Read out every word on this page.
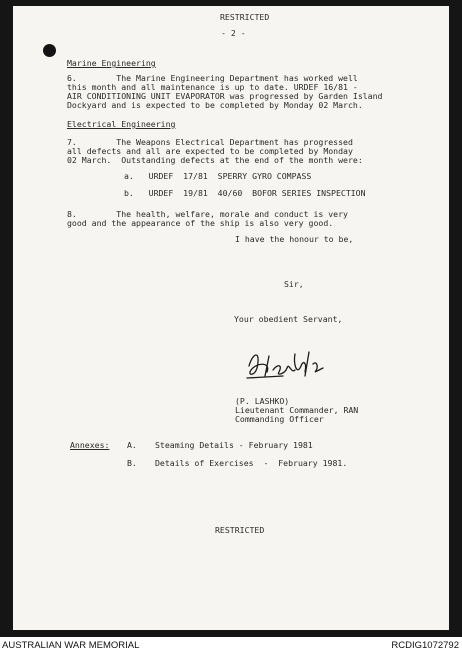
RESTRICTED
- 2 -
Marine Engineering
6.        The Marine Engineering Department has worked well
this month and all maintenance is up to date. URDEF 16/81 -
AIR CONDITIONING UNIT EVAPORATOR was progressed by Garden Island
Dockyard and is expected to be completed by Monday 02 March.
Electrical Engineering
7.        The Weapons Electrical Department has progressed
all defects and all are expected to be completed by Monday
02 March.  Outstanding defects at the end of the month were:
a.   URDEF  17/81  SPERRY GYRO COMPASS
b.   URDEF  19/81  40/60  BOFOR SERIES INSPECTION
8.        The health, welfare, morale and conduct is very
good and the appearance of the ship is also very good.
I have the honour to be,
Sir,
Your obedient Servant,
(P. LASHKO)
Lieutenant Commander, RAN
Commanding Officer
Annexes: A. Steaming Details - February 1981
B. Details of Exercises  -  February 1981.
RESTRICTED
AUSTRALIAN WAR MEMORIAL	RCDIG1072792
